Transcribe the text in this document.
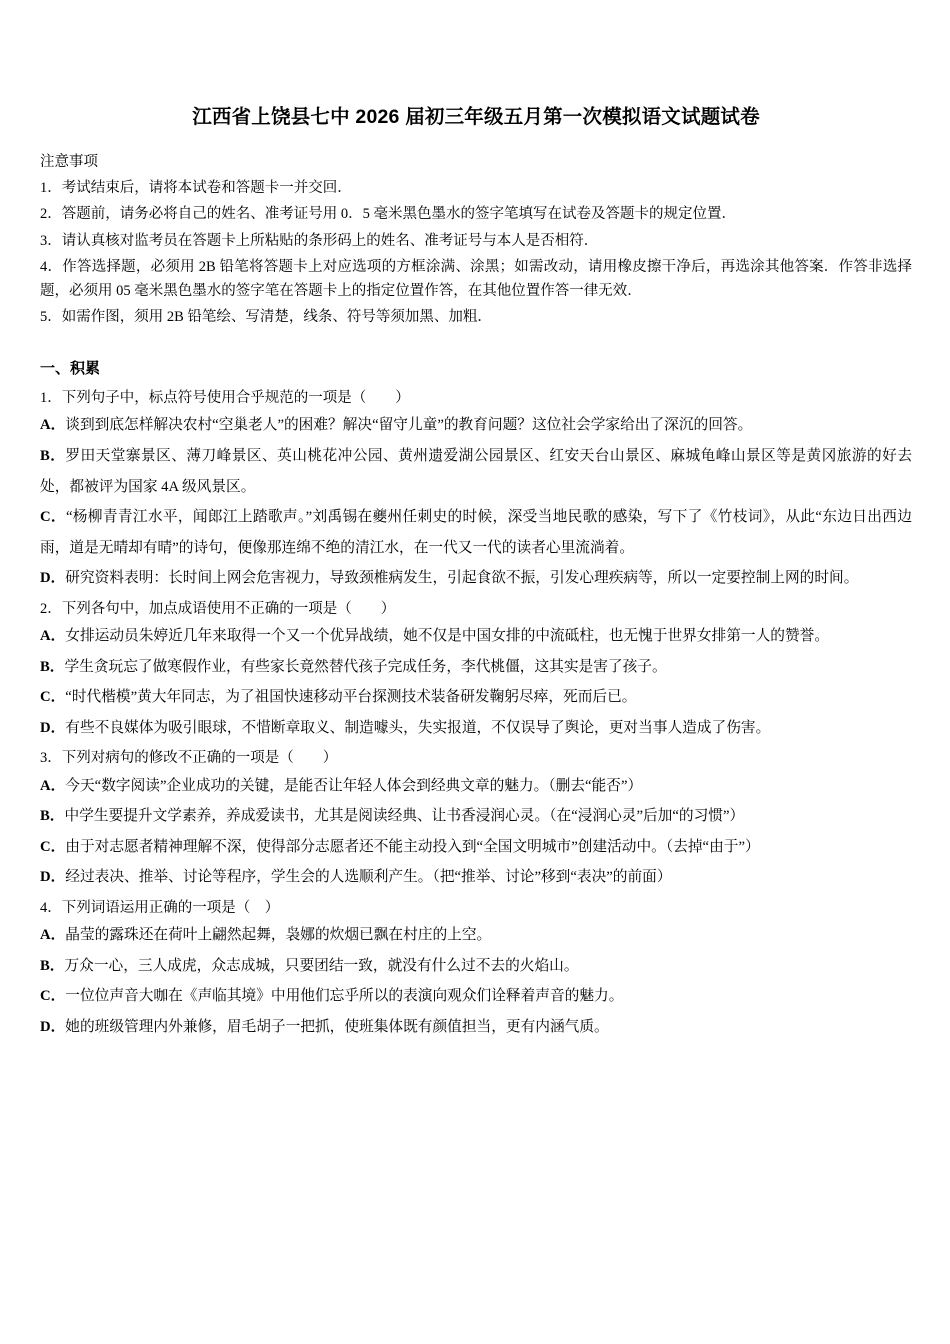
江西省上饶县七中 2026 届初三年级五月第一次模拟语文试题试卷

注意事项

1．考试结束后，请将本试卷和答题卡一并交回．

2．答题前，请务必将自己的姓名、准考证号用 0．5 毫米黑色墨水的签字笔填写在试卷及答题卡的规定位置．

3．请认真核对监考员在答题卡上所粘贴的条形码上的姓名、准考证号与本人是否相符．

4．作答选择题，必须用 2B 铅笔将答题卡上对应选项的方框涂满、涂黑；如需改动，请用橡皮擦干净后，再选涂其他答案．作答非选择题，必须用 05 毫米黑色墨水的签字笔在答题卡上的指定位置作答，在其他位置作答一律无效．

5．如需作图，须用 2B 铅笔绘、写清楚，线条、符号等须加黑、加粗．

一、积累

1．下列句子中，标点符号使用合乎规范的一项是（　　）

A．谈到到底怎样解决农村“空巢老人”的困难？解决“留守儿童”的教育问题？这位社会学家给出了深沉的回答。

B．罗田天堂寨景区、薄刀峰景区、英山桃花冲公园、黄州遗爱湖公园景区、红安天台山景区、麻城龟峰山景区等是黄冈旅游的好去处，都被评为国家 4A 级风景区。

C．“杨柳青青江水平，闻郎江上踏歌声。”刘禹锡在夔州任刺史的时候，深受当地民歌的感染，写下了《竹枝词》，从此“东边日出西边雨，道是无晴却有晴”的诗句，便像那连绵不绝的清江水，在一代又一代的读者心里流淌着。

D．研究资料表明：长时间上网会危害视力，导致颈椎病发生，引起食欲不振，引发心理疾病等，所以一定要控制上网的时间。

2．下列各句中，加点成语使用不正确的一项是（　　）

A．女排运动员朱婷近几年来取得一个又一个优异战绩，她不仅是中国女排的中流砥柱，也无愧于世界女排第一人的赞誉。

B．学生贪玩忘了做寒假作业，有些家长竟然替代孩子完成任务，李代桃僵，这其实是害了孩子。

C．“时代楷模”黄大年同志，为了祖国快速移动平台探测技术装备研发鞠躬尽瘁，死而后已。

D．有些不良媒体为吸引眼球，不惜断章取义、制造噱头，失实报道，不仅误导了舆论，更对当事人造成了伤害。

3．下列对病句的修改不正确的一项是（　　）

A．今天“数字阅读”企业成功的关键，是能否让年轻人体会到经典文章的魅力。（删去“能否”）

B．中学生要提升文学素养，养成爱读书，尤其是阅读经典、让书香浸润心灵。（在“浸润心灵”后加“的习惯”）

C．由于对志愿者精神理解不深，使得部分志愿者还不能主动投入到“全国文明城市”创建活动中。（去掉“由于”）

D．经过表决、推举、讨论等程序，学生会的人选顺利产生。（把“推举、讨论”移到“表决”的前面）

4．下列词语运用正确的一项是（　）

A．晶莹的露珠还在荷叶上翩然起舞，袅娜的炊烟已飘在村庄的上空。

B．万众一心，三人成虎，众志成城，只要团结一致，就没有什么过不去的火焰山。

C．一位位声音大咖在《声临其境》中用他们忘乎所以的表演向观众们诠释着声音的魅力。

D．她的班级管理内外兼修，眉毛胡子一把抓，使班集体既有颜值担当，更有内涵气质。
